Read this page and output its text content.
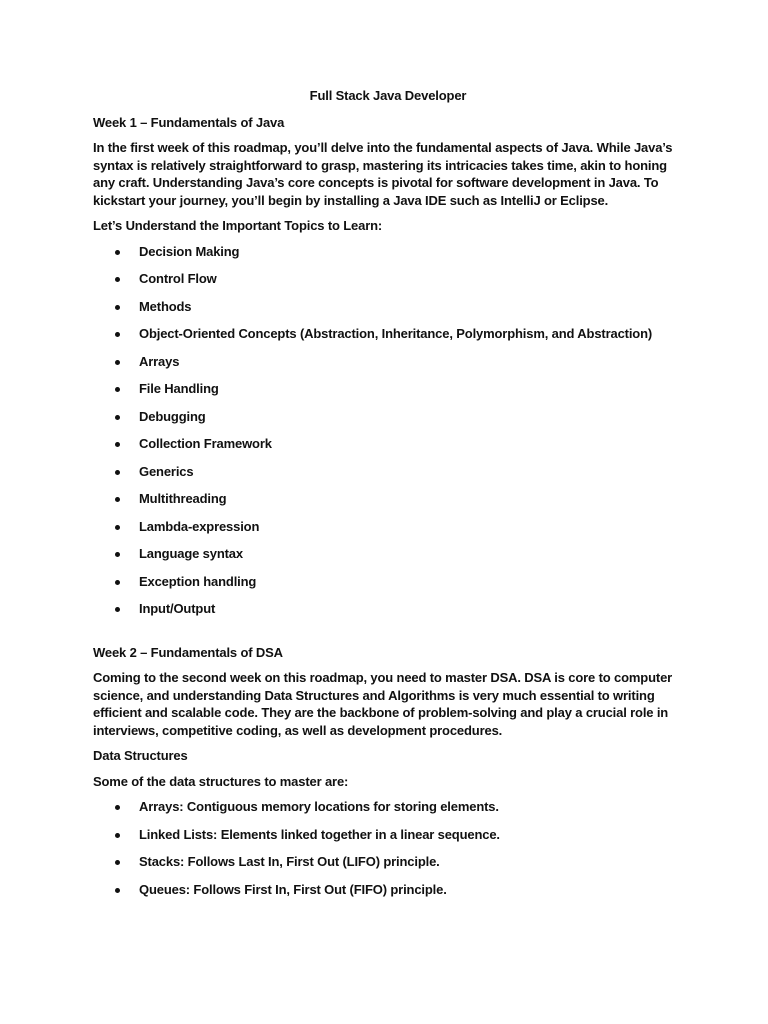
Full Stack Java Developer
Week 1 – Fundamentals of Java
In the first week of this roadmap, you’ll delve into the fundamental aspects of Java. While Java’s syntax is relatively straightforward to grasp, mastering its intricacies takes time, akin to honing any craft. Understanding Java’s core concepts is pivotal for software development in Java. To kickstart your journey, you’ll begin by installing a Java IDE such as IntelliJ or Eclipse.
Let’s Understand the Important Topics to Learn:
Decision Making
Control Flow
Methods
Object-Oriented Concepts (Abstraction, Inheritance, Polymorphism, and Abstraction)
Arrays
File Handling
Debugging
Collection Framework
Generics
Multithreading
Lambda-expression
Language syntax
Exception handling
Input/Output
Week 2 – Fundamentals of DSA
Coming to the second week on this roadmap, you need to master DSA. DSA is core to computer science, and understanding Data Structures and Algorithms is very much essential to writing efficient and scalable code. They are the backbone of problem-solving and play a crucial role in interviews, competitive coding, as well as development procedures.
Data Structures
Some of the data structures to master are:
Arrays: Contiguous memory locations for storing elements.
Linked Lists: Elements linked together in a linear sequence.
Stacks: Follows Last In, First Out (LIFO) principle.
Queues: Follows First In, First Out (FIFO) principle.
